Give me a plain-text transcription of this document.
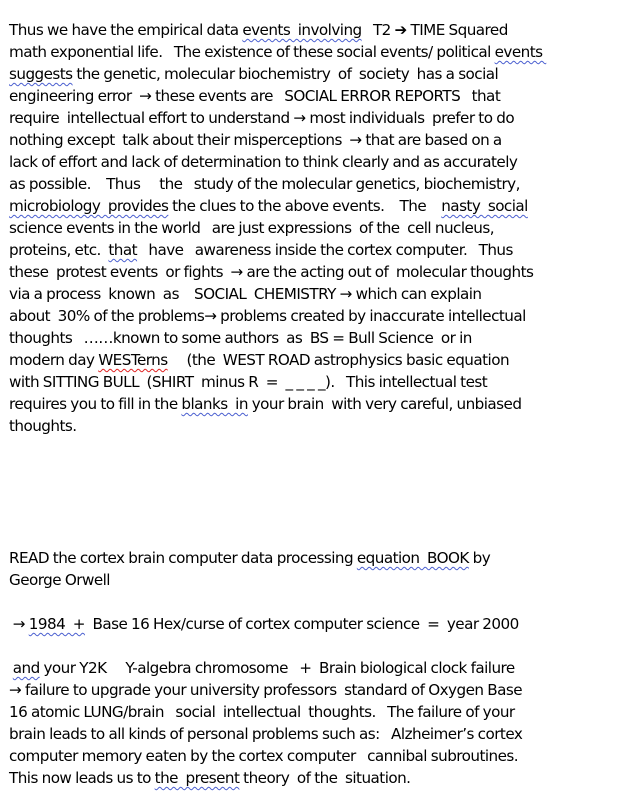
Thus we have the empirical data events  involving   T2 ➔ TIME Squared
math exponential life.   The existence of these social events/ political events
suggests the genetic, molecular biochemistry  of  society  has a social
engineering error  → these events are   SOCIAL ERROR REPORTS   that
require  intellectual effort to understand → most individuals  prefer to do
nothing except  talk about their misperceptions  → that are based on a
lack of effort and lack of determination to think clearly and as accurately
as possible.    Thus     the   study of the molecular genetics, biochemistry,
microbiology  provides the clues to the above events.    The    nasty  social
science events in the world   are just expressions  of the  cell nucleus,
proteins, etc.  that   have   awareness inside the cortex computer.   Thus
these  protest events  or fights  → are the acting out of  molecular thoughts
via a process  known  as    SOCIAL  CHEMISTRY → which can explain
about  30% of the problems→ problems created by inaccurate intellectual
thoughts   ……known to some authors  as  BS = Bull Science  or in
modern day WESTerns     (the  WEST ROAD astrophysics basic equation
with SITTING BULL  (SHIRT  minus R  =  _ _ _ _).   This intellectual test
requires you to fill in the blanks  in your brain  with very careful, unbiased
thoughts.
READ the cortex brain computer data processing equation  BOOK by
George Orwell
→ 1984  +  Base 16 Hex/curse of cortex computer science  =  year 2000
and your Y2K     Y-algebra chromosome   +  Brain biological clock failure
→ failure to upgrade your university professors  standard of Oxygen Base
16 atomic LUNG/brain   social  intellectual  thoughts.   The failure of your
brain leads to all kinds of personal problems such as:   Alzheimer’s cortex
computer memory eaten by the cortex computer   cannibal subroutines.
This now leads us to the  present theory  of the  situation.
